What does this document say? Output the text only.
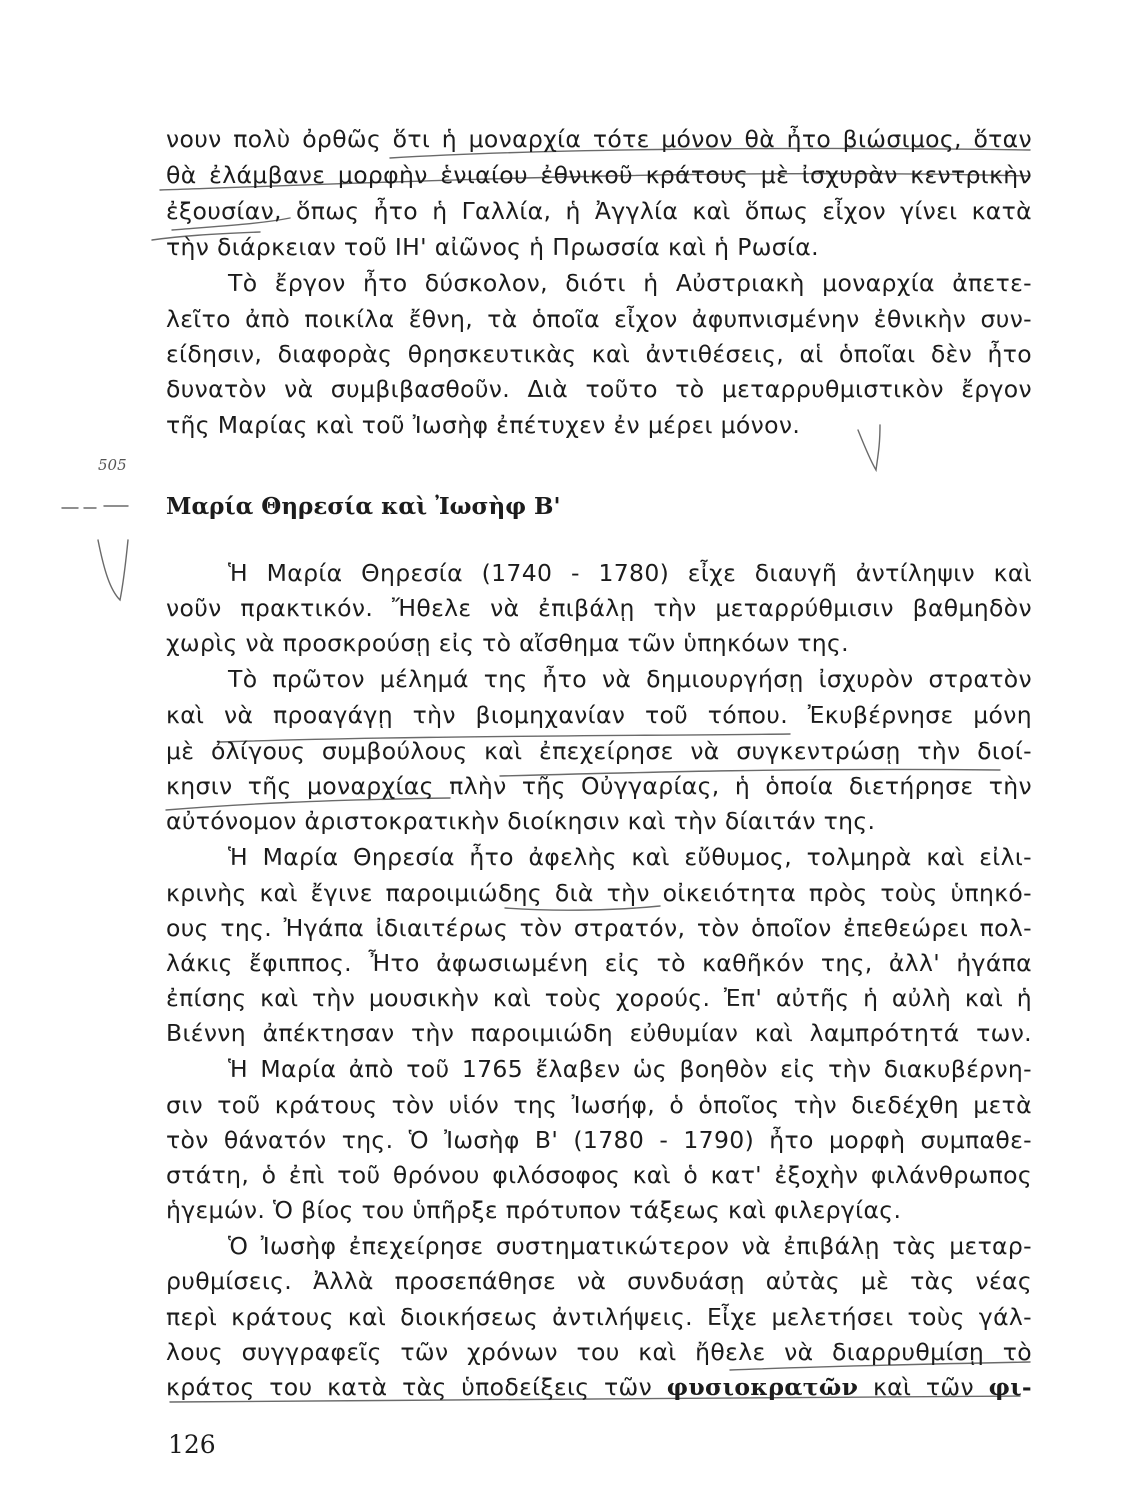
505
νουν πολὺ ὀρθῶς ὅτι ἡ μοναρχία τότε μόνον θὰ ἦτο βιώσιμος, ὅταν
θὰ ἐλάμβανε μορφὴν ἑνιαίου ἐθνικοῦ κράτους μὲ ἰσχυρὰν κεντρικὴν
ἐξουσίαν, ὅπως ἦτο ἡ Γαλλία, ἡ Ἀγγλία καὶ ὅπως εἶχον γίνει κατὰ
τὴν διάρκειαν τοῦ ΙΗ' αἰῶνος ἡ Πρωσσία καὶ ἡ Ρωσία.
Τὸ ἔργον ἦτο δύσκολον, διότι ἡ Αὐστριακὴ μοναρχία ἀπετε-
λεῖτο ἀπὸ ποικίλα ἔθνη, τὰ ὁποῖα εἶχον ἀφυπνισμένην ἐθνικὴν συν-
είδησιν, διαφορὰς θρησκευτικὰς καὶ ἀντιθέσεις, αἱ ὁποῖαι δὲν ἦτο
δυνατὸν νὰ συμβιβασθοῦν. Διὰ τοῦτο τὸ μεταρρυθμιστικὸν ἔργον
τῆς Μαρίας καὶ τοῦ Ἰωσὴφ ἐπέτυχεν ἐν μέρει μόνον.
Μαρία Θηρεσία καὶ Ἰωσὴφ Β'
Ἡ Μαρία Θηρεσία (1740 - 1780) εἶχε διαυγῆ ἀντίληψιν καὶ
νοῦν πρακτικόν. Ἤθελε νὰ ἐπιβάλῃ τὴν μεταρρύθμισιν βαθμηδὸν
χωρὶς νὰ προσκρούσῃ εἰς τὸ αἴσθημα τῶν ὑπηκόων της.
Τὸ πρῶτον μέλημά της ἦτο νὰ δημιουργήσῃ ἰσχυρὸν στρατὸν
καὶ νὰ προαγάγῃ τὴν βιομηχανίαν τοῦ τόπου. Ἐκυβέρνησε μόνη
μὲ ὀλίγους συμβούλους καὶ ἐπεχείρησε νὰ συγκεντρώσῃ τὴν διοί-
κησιν τῆς μοναρχίας πλὴν τῆς Οὐγγαρίας, ἡ ὁποία διετήρησε τὴν
αὐτόνομον ἀριστοκρατικὴν διοίκησιν καὶ τὴν δίαιτάν της.
Ἡ Μαρία Θηρεσία ἦτο ἀφελὴς καὶ εὔθυμος, τολμηρὰ καὶ εἰλι-
κρινὴς καὶ ἔγινε παροιμιώδης διὰ τὴν οἰκειότητα πρὸς τοὺς ὑπηκό-
ους της. Ἠγάπα ἰδιαιτέρως τὸν στρατόν, τὸν ὁποῖον ἐπεθεώρει πολ-
λάκις ἔφιππος. Ἦτο ἀφωσιωμένη εἰς τὸ καθῆκόν της, ἀλλ' ἠγάπα
ἐπίσης καὶ τὴν μουσικὴν καὶ τοὺς χορούς. Ἐπ' αὐτῆς ἡ αὐλὴ καὶ ἡ
Βιέννη ἀπέκτησαν τὴν παροιμιώδη εὐθυμίαν καὶ λαμπρότητά των.
Ἡ Μαρία ἀπὸ τοῦ 1765 ἔλαβεν ὡς βοηθὸν εἰς τὴν διακυβέρνη-
σιν τοῦ κράτους τὸν υἱόν της Ἰωσήφ, ὁ ὁποῖος τὴν διεδέχθη μετὰ
τὸν θάνατόν της. Ὁ Ἰωσὴφ Β' (1780 - 1790) ἦτο μορφὴ συμπαθε-
στάτη, ὁ ἐπὶ τοῦ θρόνου φιλόσοφος καὶ ὁ κατ' ἐξοχὴν φιλάνθρωπος
ἡγεμών. Ὁ βίος του ὑπῆρξε πρότυπον τάξεως καὶ φιλεργίας.
Ὁ Ἰωσὴφ ἐπεχείρησε συστηματικώτερον νὰ ἐπιβάλῃ τὰς μεταρ-
ρυθμίσεις. Ἀλλὰ προσεπάθησε νὰ συνδυάσῃ αὐτὰς μὲ τὰς νέας
περὶ κράτους καὶ διοικήσεως ἀντιλήψεις. Εἶχε μελετήσει τοὺς γάλ-
λους συγγραφεῖς τῶν χρόνων του καὶ ἤθελε νὰ διαρρυθμίσῃ τὸ
κράτος του κατὰ τὰς ὑποδείξεις τῶν φυσιοκρατῶν καὶ τῶν φι-
126
